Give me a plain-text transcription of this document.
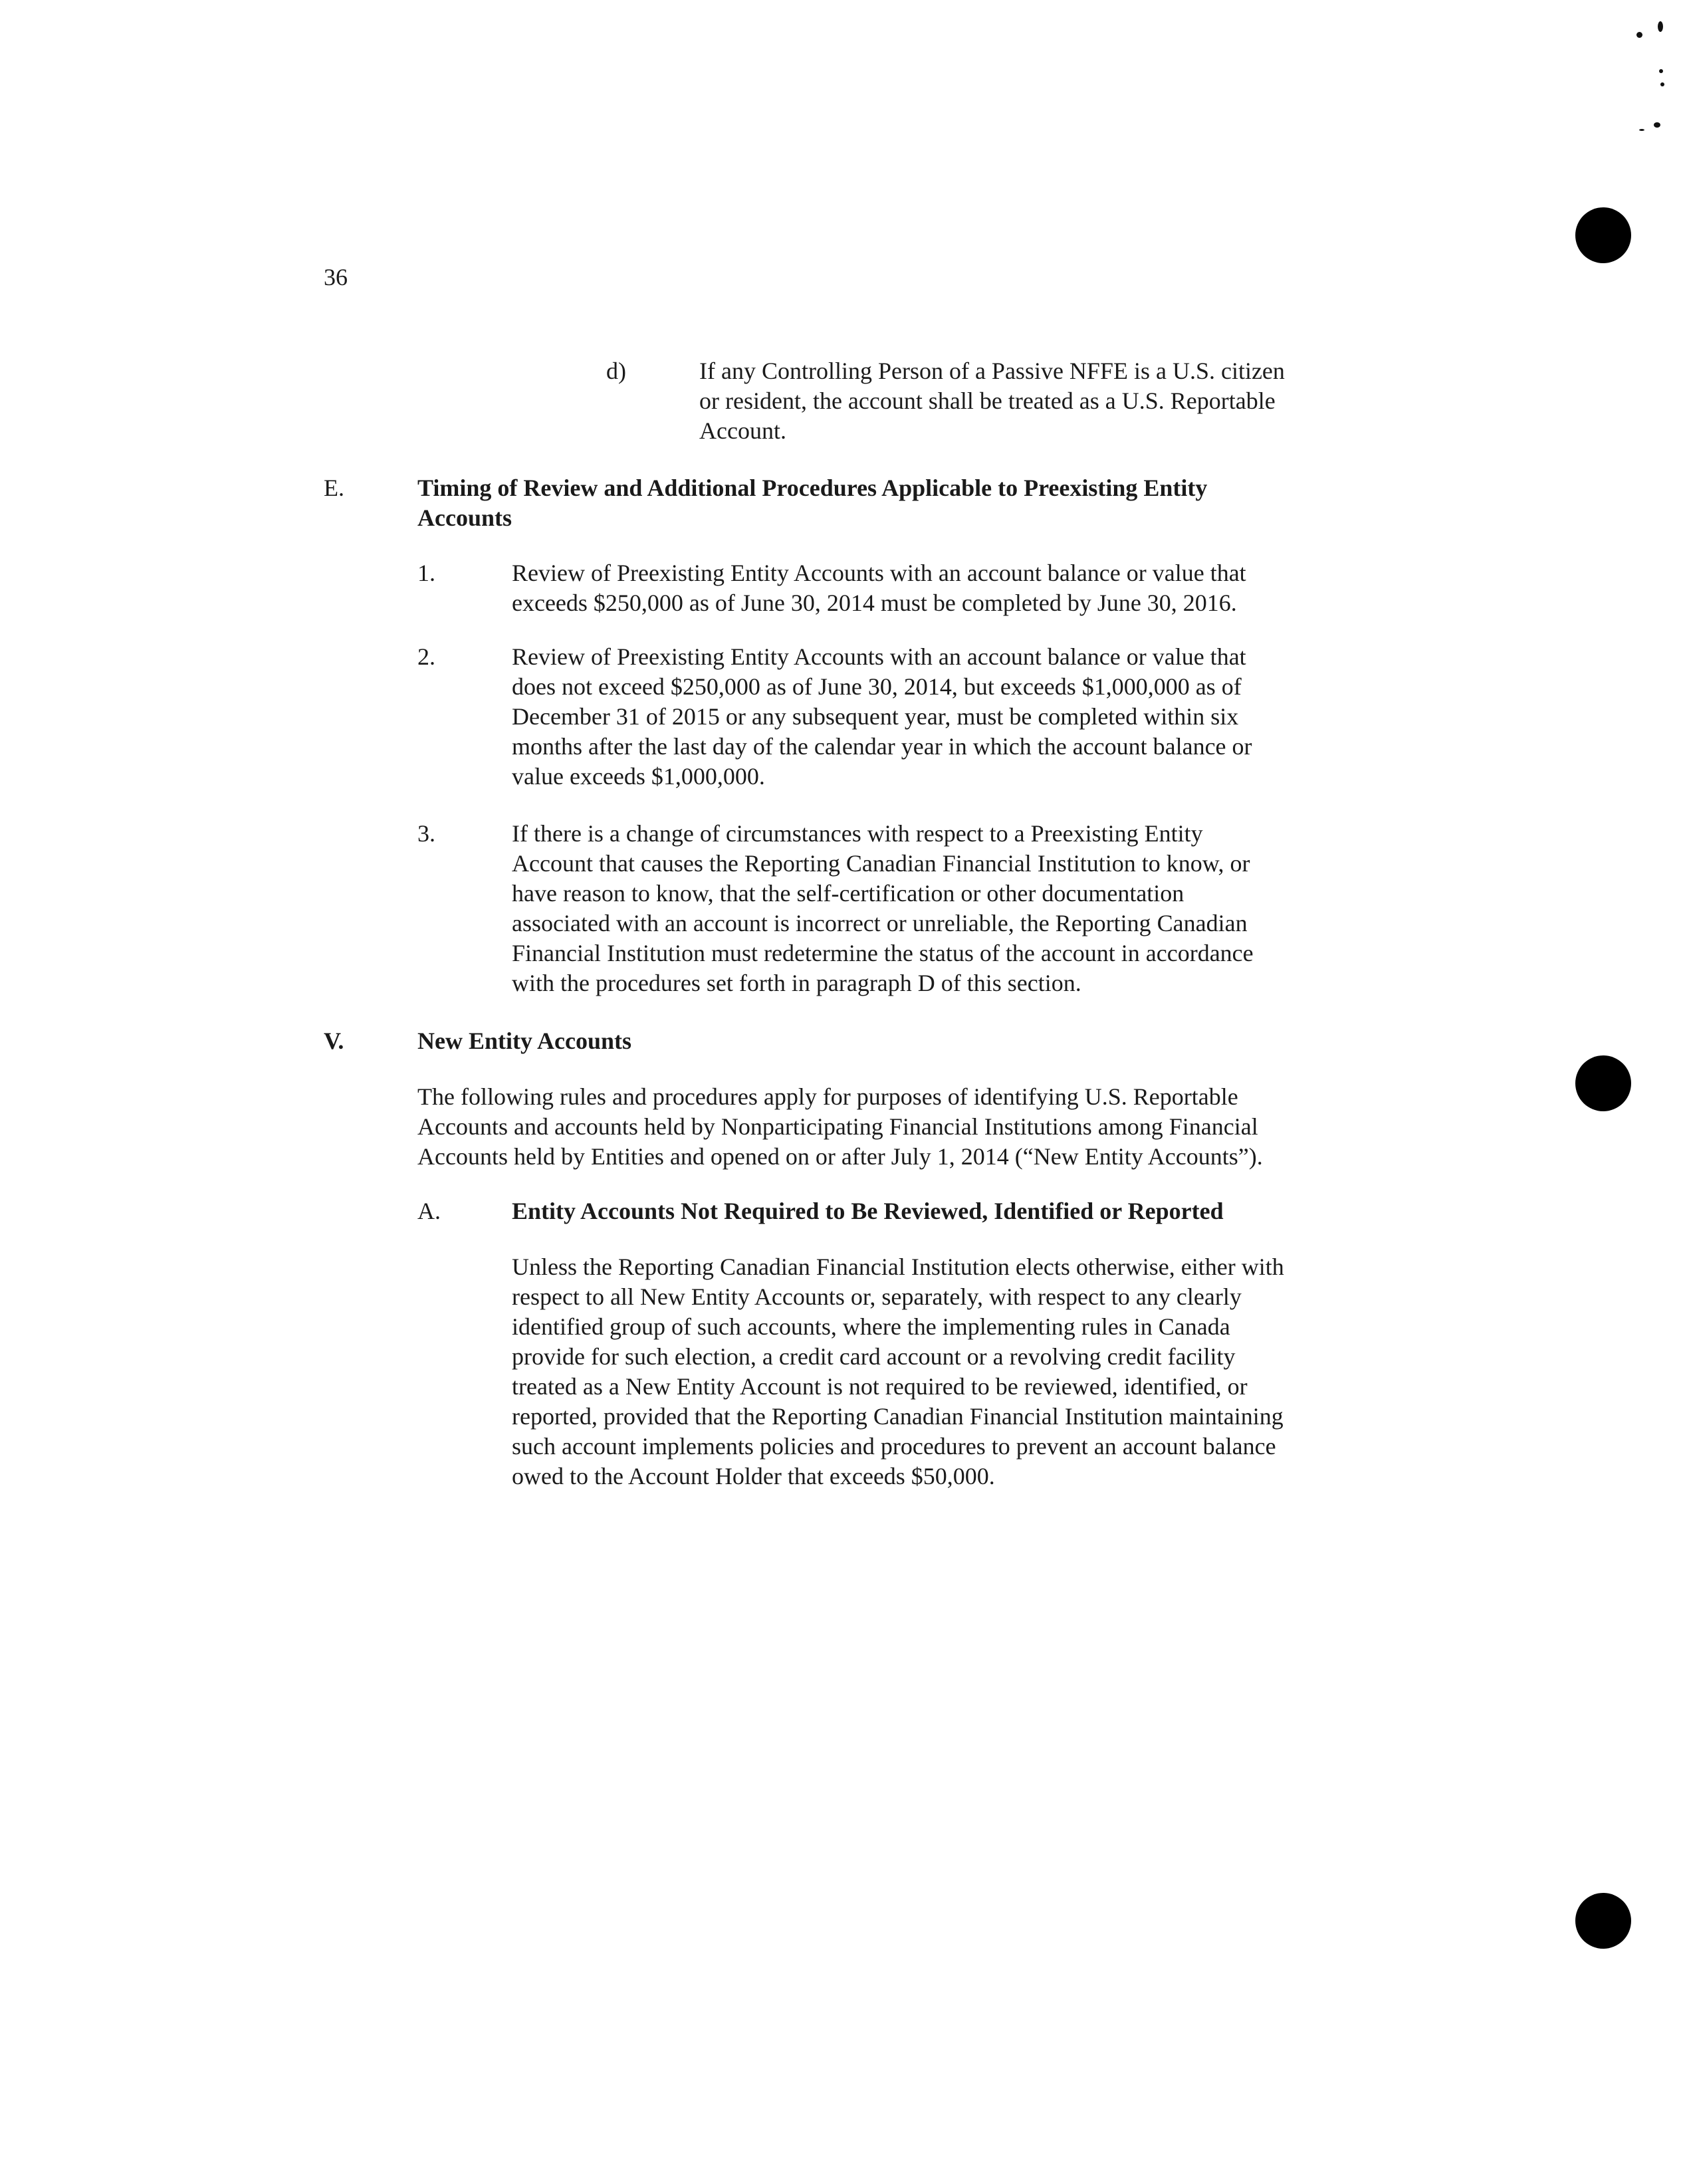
36
d)	If any Controlling Person of a Passive NFFE is a U.S. citizen
or resident, the account shall be treated as a U.S. Reportable
Account.
E.	Timing of Review and Additional Procedures Applicable to Preexisting Entity
Accounts
1.	Review of Preexisting Entity Accounts with an account balance or value that
exceeds $250,000 as of June 30, 2014 must be completed by June 30, 2016.
2.	Review of Preexisting Entity Accounts with an account balance or value that
does not exceed $250,000 as of June 30, 2014, but exceeds $1,000,000 as of
December 31 of 2015 or any subsequent year, must be completed within six
months after the last day of the calendar year in which the account balance or
value exceeds $1,000,000.
3.	If there is a change of circumstances with respect to a Preexisting Entity
Account that causes the Reporting Canadian Financial Institution to know, or
have reason to know, that the self-certification or other documentation
associated with an account is incorrect or unreliable, the Reporting Canadian
Financial Institution must redetermine the status of the account in accordance
with the procedures set forth in paragraph D of this section.
V.	New Entity Accounts
The following rules and procedures apply for purposes of identifying U.S. Reportable
Accounts and accounts held by Nonparticipating Financial Institutions among Financial
Accounts held by Entities and opened on or after July 1, 2014 (“New Entity Accounts”).
A.	Entity Accounts Not Required to Be Reviewed, Identified or Reported
Unless the Reporting Canadian Financial Institution elects otherwise, either with
respect to all New Entity Accounts or, separately, with respect to any clearly
identified group of such accounts, where the implementing rules in Canada
provide for such election, a credit card account or a revolving credit facility
treated as a New Entity Account is not required to be reviewed, identified, or
reported, provided that the Reporting Canadian Financial Institution maintaining
such account implements policies and procedures to prevent an account balance
owed to the Account Holder that exceeds $50,000.
